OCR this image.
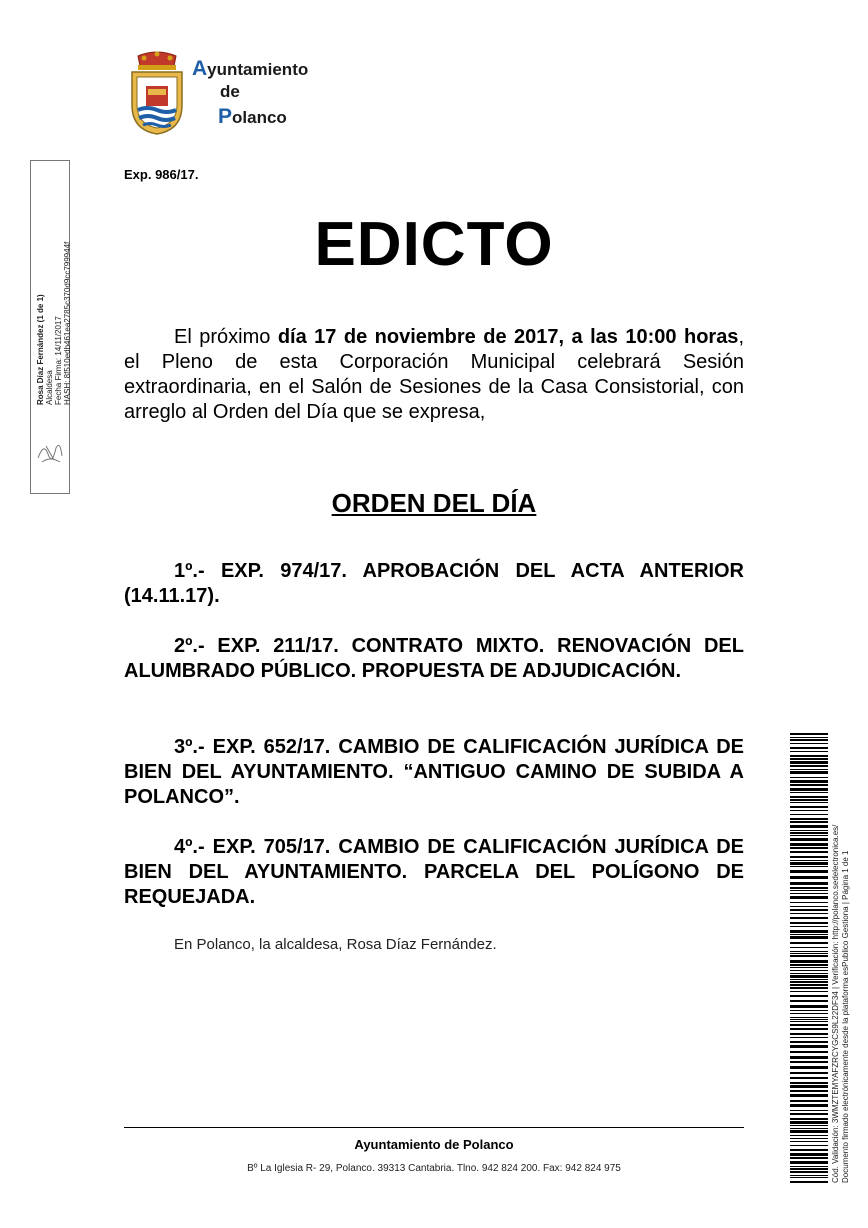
Ayuntamiento
de
Polanco
Rosa Díaz Fernández (1 de 1) Alcaldesa Fecha Firma: 14/11/2017 HASH: 8f510edb461ea2785c370d9cc799944f
Exp. 986/17.
EDICTO
El próximo día 17 de noviembre de 2017, a las 10:00 horas, el Pleno de esta Corporación Municipal celebrará Sesión extraordinaria, en el Salón de Sesiones de la Casa Consistorial, con arreglo al Orden del Día que se expresa,
ORDEN DEL DÍA
1º.- EXP. 974/17. APROBACIÓN DEL ACTA ANTERIOR (14.11.17).
2º.- EXP. 211/17. CONTRATO MIXTO. RENOVACIÓN DEL ALUMBRADO PÚBLICO. PROPUESTA DE ADJUDICACIÓN.
3º.- EXP. 652/17. CAMBIO DE CALIFICACIÓN JURÍDICA DE BIEN DEL AYUNTAMIENTO. “ANTIGUO CAMINO DE SUBIDA A POLANCO”.
4º.- EXP. 705/17. CAMBIO DE CALIFICACIÓN JURÍDICA DE BIEN DEL AYUNTAMIENTO. PARCELA DEL POLÍGONO DE REQUEJADA.
En Polanco, la alcaldesa, Rosa Díaz Fernández.	Cód. Validación: 3WMZTEMYAFZRCYGCS9L22DF34 | Verificación: http://polanco.sedelectronica.es/ Documento firmado electrónicamente desde la plataforma esPublico Gestiona | Página 1 de 1
Ayuntamiento de Polanco
Bº La Iglesia R- 29, Polanco. 39313 Cantabria. Tlno. 942 824 200. Fax: 942 824 975
